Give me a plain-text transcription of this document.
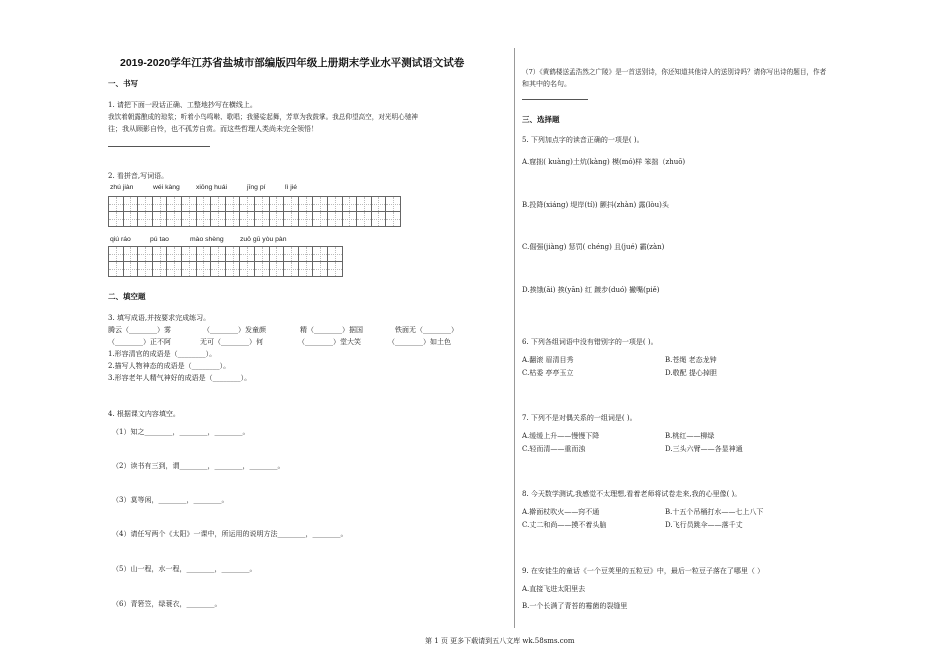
2019-2020学年江苏省盐城市部编版四年级上册期末学业水平测试语文试卷
一、书写
1. 请把下面一段话正确、工整地抄写在横线上。
我饮着朝露酿成的琼浆；听着小鸟鸣啭、歌唱；我婆娑起舞，芳草为我鼓掌。我总仰望高空，对光明心驰神
往；我从顾影自怜，也不孤芳自赏。而这些哲理人类尚未完全领悟！
2. 看拼音,写词语。
zhú jiàn	wéi kàng xiōng huái	jīng pí	lì jié
qiú ráo	pú tao	mào shèng zuō gū yòu pàn
二、填空题
3. 填写成语,并按要求完成练习。
腾云（________）雾	（________）发童颜	精（________）据国	铁面无（________）
（________）正不阿	无可（________）何	（________）堂大笑	（________）如土色
1.形容清官的成语是（________）。
2.描写人物神态的成语是（________）。
3.形容老年人精气神好的成语是（________）。
4. 根据课文内容填空。
（1）知之________，________，________。
（2）读书有三到，谓________，________，________。
（3）莫等闲，________，________。
（4）请任写两个《太阳》一课中，所运用的说明方法________，________。
（5）山一程，水一程，________，________。
（6）青箬笠，绿蓑衣，________。
（7）《黄鹤楼送孟浩然之广陵》是一首送别诗，你还知道其他诗人的送别诗吗？请你写出诗的题目，作者
和其中的名句。
三、选择题
5. 下列加点字的读音正确的一项是( )。
A.窟拙( kuàng)土炕(kàng) 模(mó)样 笨拙（zhuō)
B.投降(xiáng) 堤岸(tí)) 颤抖(zhàn) 露(lòu)头
C.倔强(jiàng) 惩罚( chéng) 且(jué) 霸(zàn)
D.挨饿(āi) 挨(yān) 红 踱步(duó) 撇嘴(piě)
6. 下列各组词语中没有错别字的一项是( )。
A.翻滚 眉清目秀	B.苍绳 老态龙钟
C.枯委 亭亭玉立	D.敬配 提心掉胆
7. 下列不是对偶关系的一组词是( )。
A.缓缓上升——慢慢下降	B.桃红——柳绿
C.轻而清——重而浊	D.三头六臂——各显神通
8. 今天数学测试,我感觉不太理想,看着老师将试卷走来,我的心里像( )。
A.擀面杖吹火——窍不通	B.十五个吊桶打水——七上八下
C.丈二和尚——摸不着头脑	D.飞行员跳伞——落千丈
9. 在安徒生的童话《一个豆荚里的五粒豆》中，最后一粒豆子落在了哪里（ ）
A.直接飞进太阳里去
B.一个长满了青苔的霉菌的裂缝里
第 1 页 更多下载请到五八文库 wk.58sms.com
